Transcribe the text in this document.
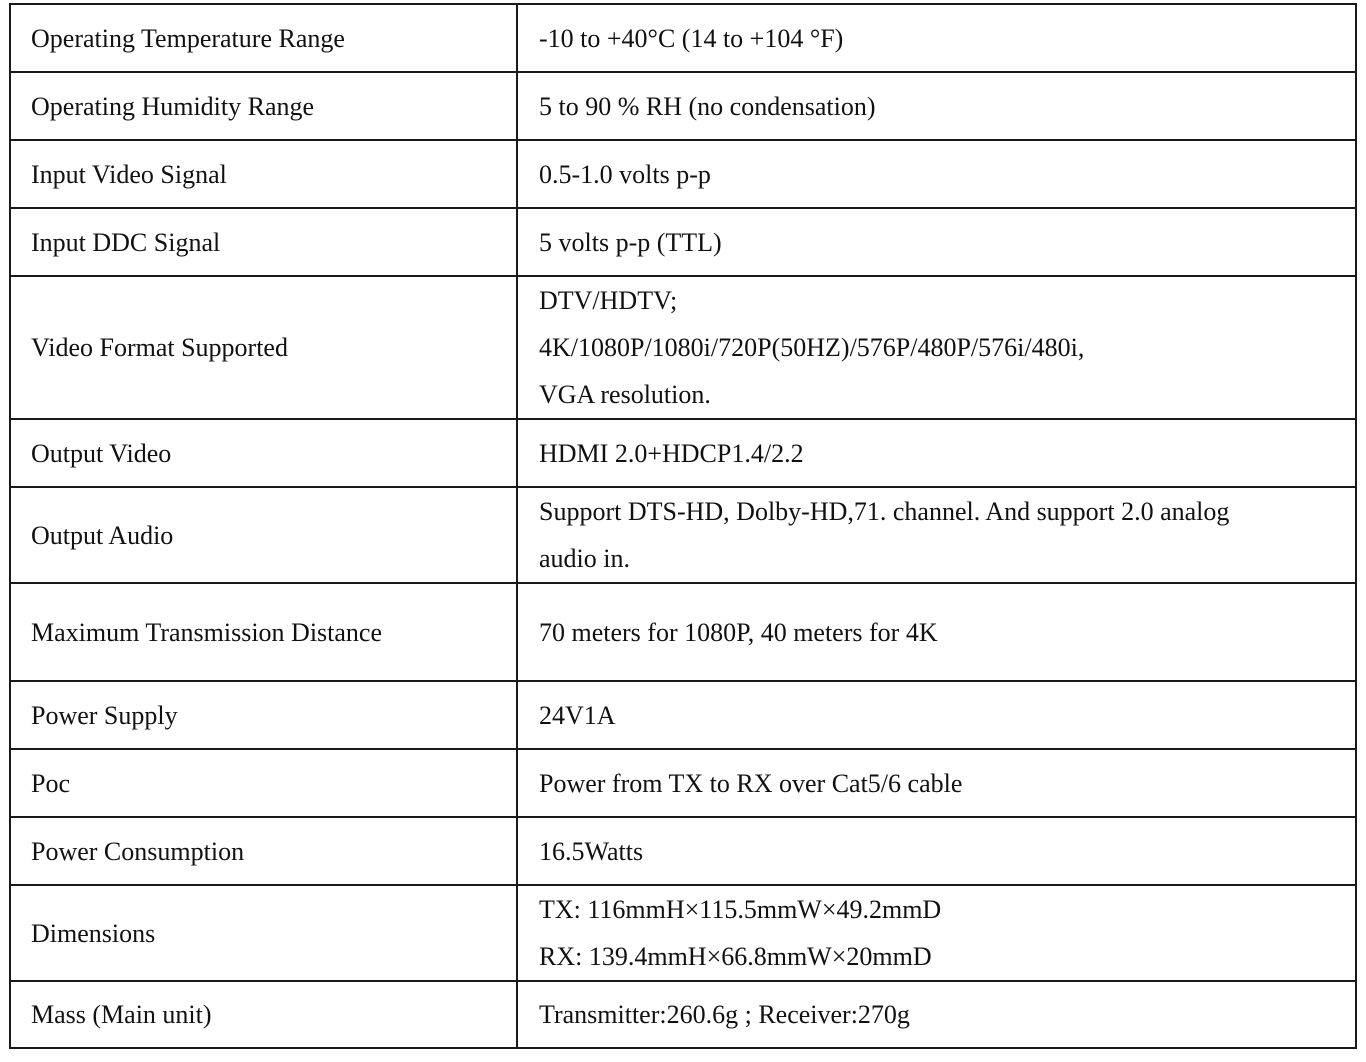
Operating Temperature Range	-10 to +40°C (14 to +104 °F)

Operating Humidity Range	5 to 90 % RH (no condensation)

Input Video Signal	0.5-1.0 volts p-p

Input DDC Signal	5 volts p-p (TTL)

Video Format Supported	DTV/HDTV;
4K/1080P/1080i/720P(50HZ)/576P/480P/576i/480i,
VGA resolution.

Output Video	HDMI 2.0+HDCP1.4/2.2

Output Audio	Support DTS-HD, Dolby-HD,71. channel. And support 2.0 analog
audio in.

Maximum Transmission Distance	70 meters for 1080P, 40 meters for 4K

Power Supply	24V1A

Poc	Power from TX to RX over Cat5/6 cable

Power Consumption	16.5Watts

Dimensions	TX: 116mmH×115.5mmW×49.2mmD
RX: 139.4mmH×66.8mmW×20mmD

Mass (Main unit)	Transmitter:260.6g ; Receiver:270g
